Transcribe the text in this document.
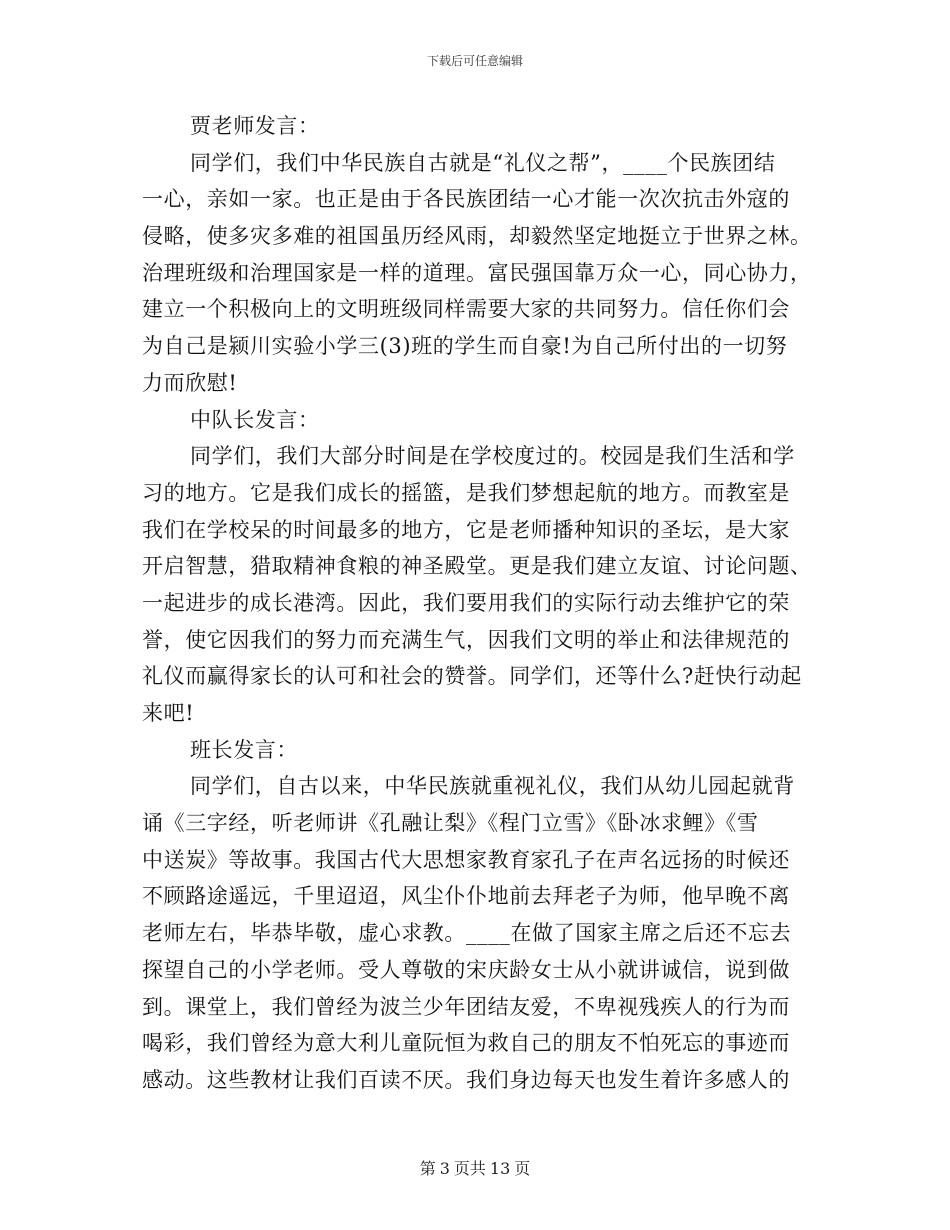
下载后可任意编辑
贾老师发言：
同学们，我们中华民族自古就是“礼仪之帮”，____个民族团结
一心，亲如一家。也正是由于各民族团结一心才能一次次抗击外寇的
侵略，使多灾多难的祖国虽历经风雨，却毅然坚定地挺立于世界之林。
治理班级和治理国家是一样的道理。富民强国靠万众一心，同心协力，
建立一个积极向上的文明班级同样需要大家的共同努力。信任你们会
为自己是颍川实验小学三(3)班的学生而自豪!为自己所付出的一切努
力而欣慰!
中队长发言：
同学们，我们大部分时间是在学校度过的。校园是我们生活和学
习的地方。它是我们成长的摇篮，是我们梦想起航的地方。而教室是
我们在学校呆的时间最多的地方，它是老师播种知识的圣坛，是大家
开启智慧，猎取精神食粮的神圣殿堂。更是我们建立友谊、讨论问题、
一起进步的成长港湾。因此，我们要用我们的实际行动去维护它的荣
誉，使它因我们的努力而充满生气，因我们文明的举止和法律规范的
礼仪而赢得家长的认可和社会的赞誉。同学们，还等什么?赶快行动起
来吧!
班长发言：
同学们，自古以来，中华民族就重视礼仪，我们从幼儿园起就背
诵《三字经，听老师讲《孔融让梨》《程门立雪》《卧冰求鲤》《雪
中送炭》等故事。我国古代大思想家教育家孔子在声名远扬的时候还
不顾路途遥远，千里迢迢，风尘仆仆地前去拜老子为师，他早晚不离
老师左右，毕恭毕敬，虚心求教。____在做了国家主席之后还不忘去
探望自己的小学老师。受人尊敬的宋庆龄女士从小就讲诚信，说到做
到。课堂上，我们曾经为波兰少年团结友爱，不卑视残疾人的行为而
喝彩，我们曾经为意大利儿童阮恒为救自己的朋友不怕死忘的事迹而
感动。这些教材让我们百读不厌。我们身边每天也发生着许多感人的
第 3 页共 13 页
